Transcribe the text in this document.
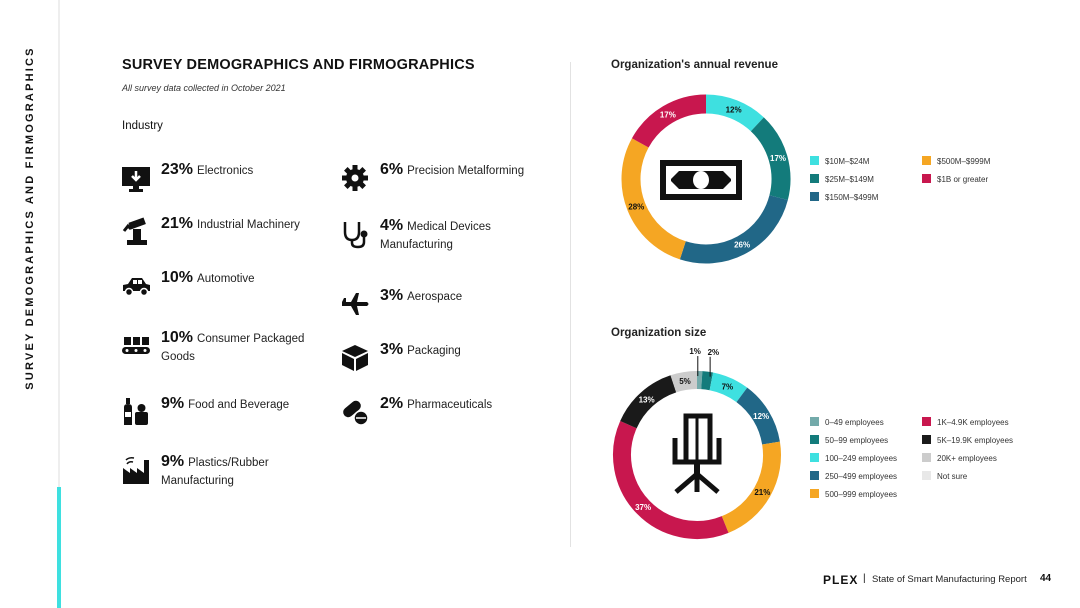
SURVEY DEMOGRAPHICS AND FIRMOGRAPHICS	SURVEY DEMOGRAPHICS AND FIRMOGRAPHICS
All survey data collected in October 2021
Industry
23% Electronics
21% Industrial Machinery
10% Automotive
10% Consumer Packaged Goods
9% Food and Beverage
9% Plastics/Rubber Manufacturing
6% Precision Metalforming
4% Medical Devices Manufacturing
3% Aerospace
3% Packaging
2% Pharmaceuticals
Organization's annual revenue
12%
17%
26%
28%
17%
$10M–$24M
$25M–$149M
$150M–$499M
$500M–$999M
$1B or greater
Organization size
1% 2%
7%
12%
21%
37%
13%
5%
0–49 employees
50–99 employees
100–249 employees
250–499 employees
500–999 employees
1K–4.9K employees
5K–19.9K employees
20K+ employees
Not sure
PLEX | State of Smart Manufacturing Report 44
